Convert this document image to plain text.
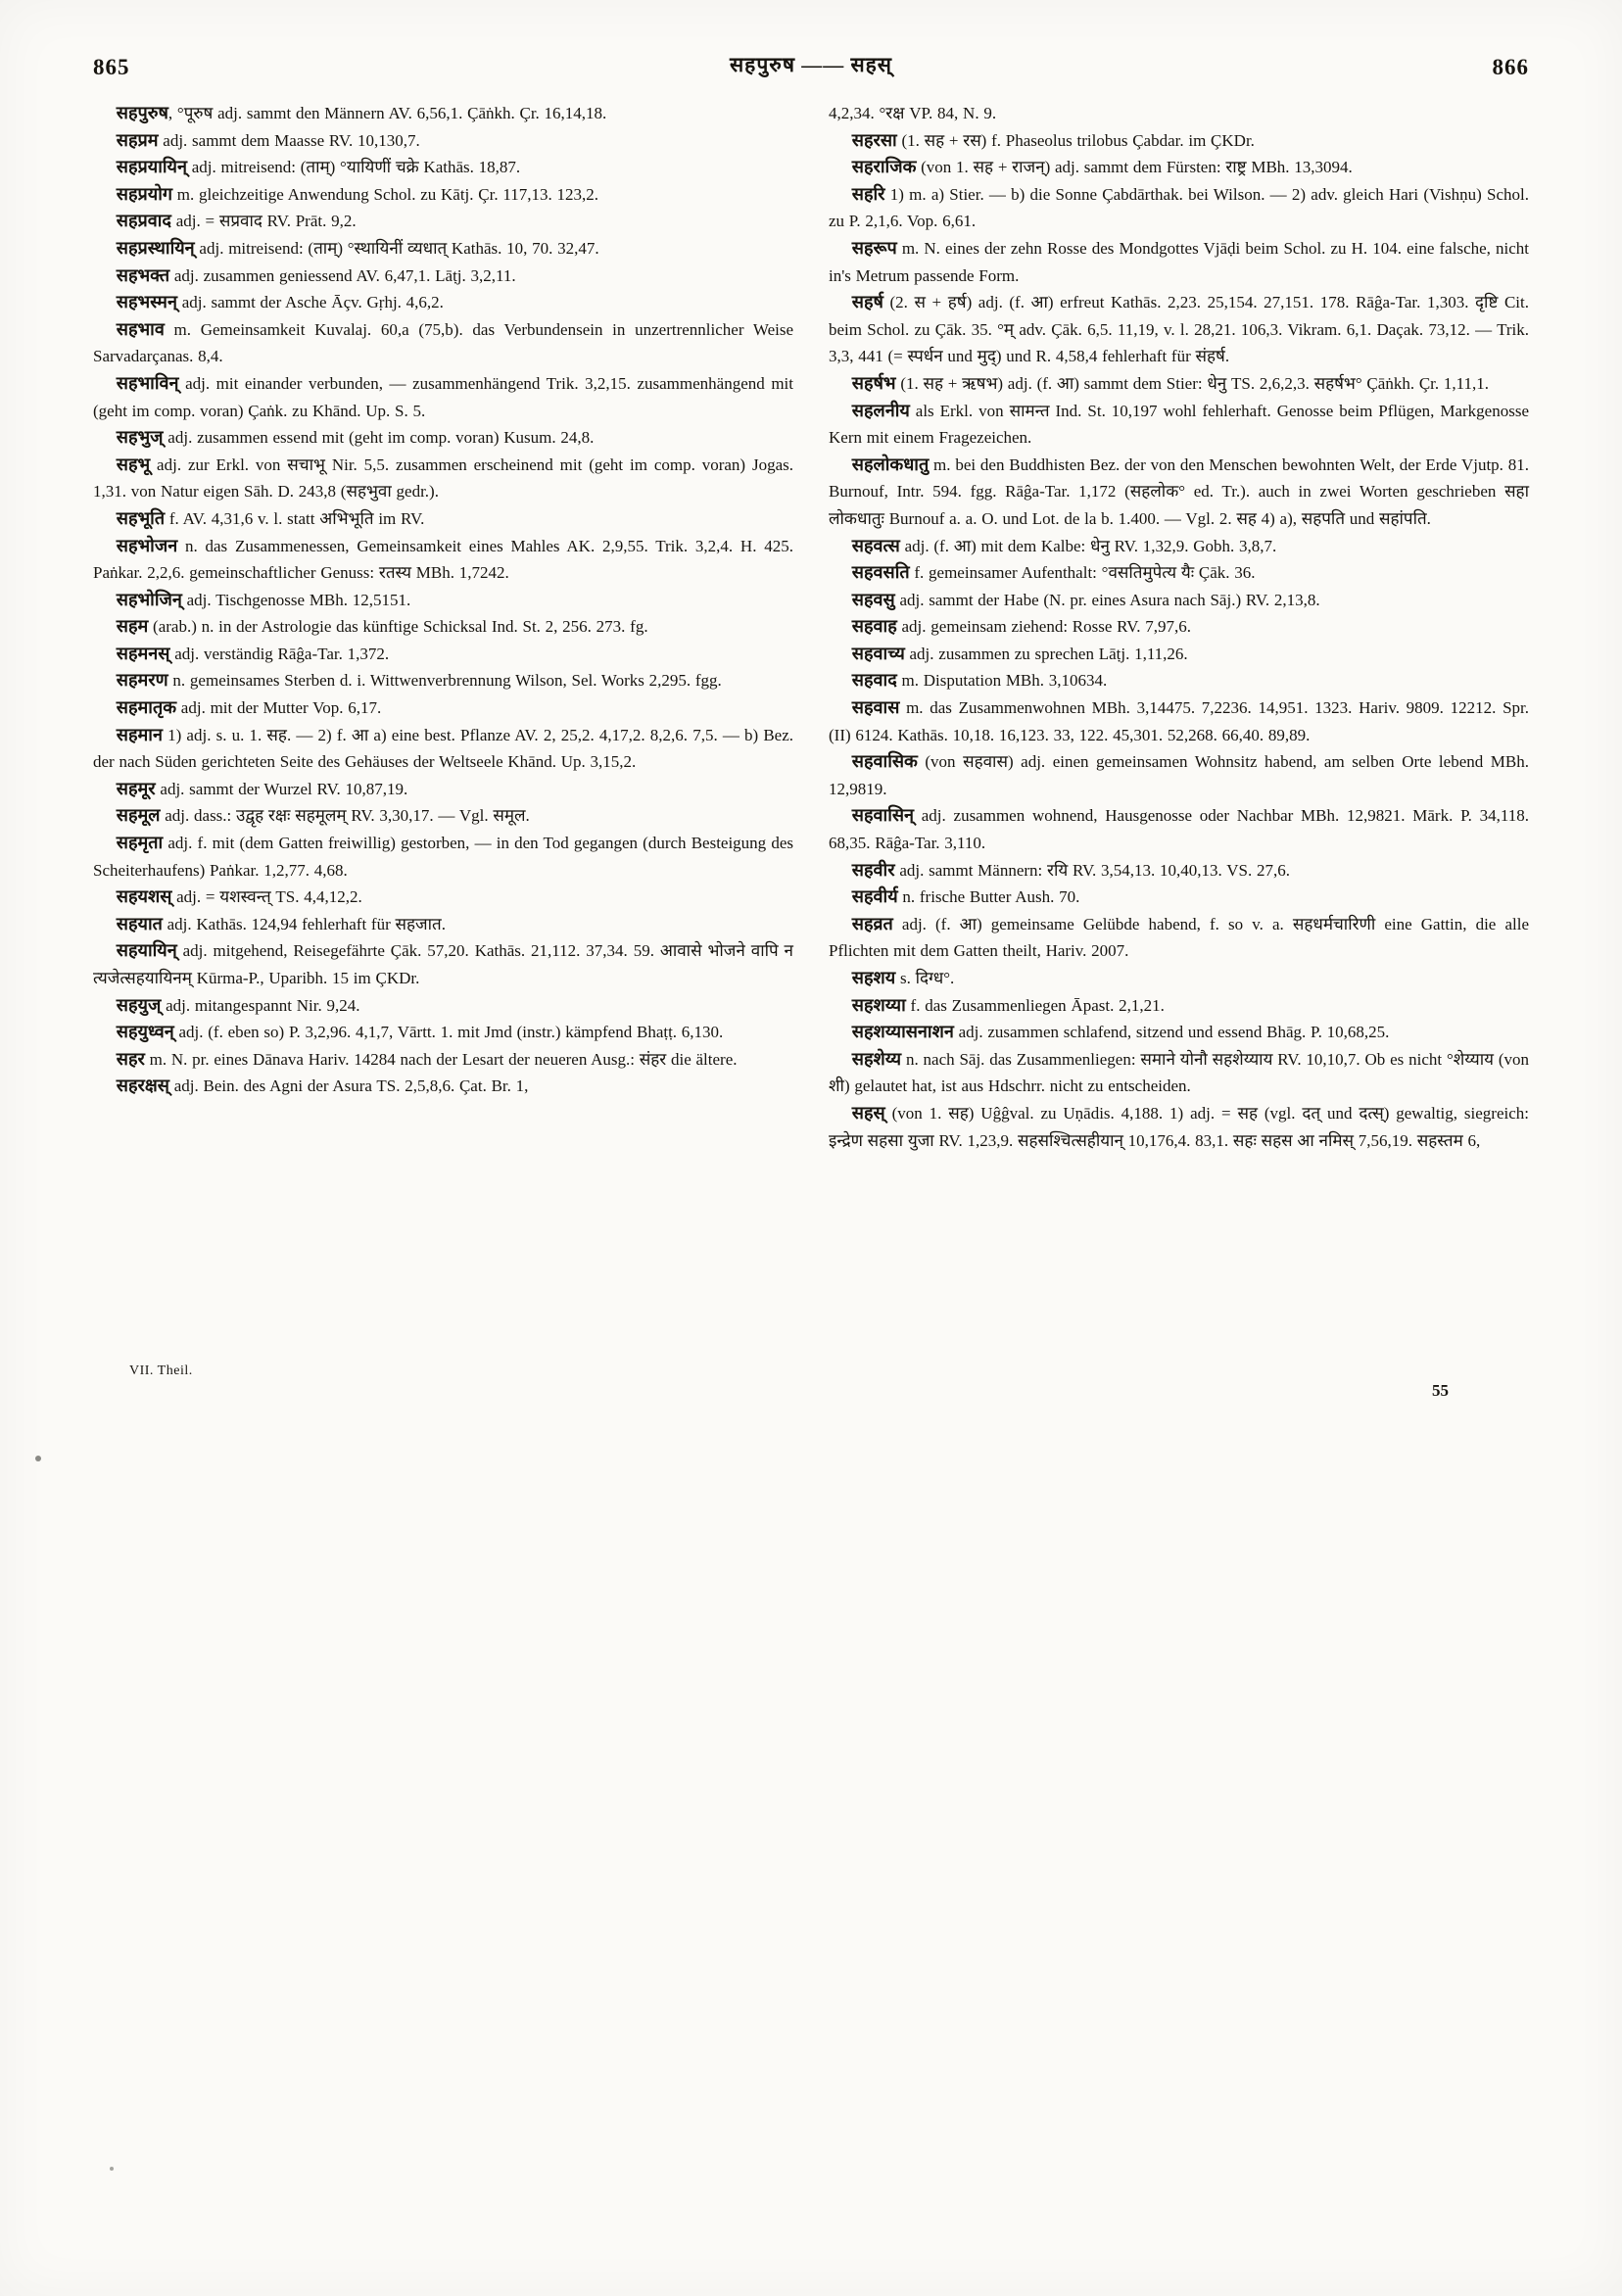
सहपुरुष —— सहस्
865	866

सहपुरुष, °पूरुष adj. sammt den Männern AV. 6,56,1. Çāṅkh. Çr. 16,14,18.

सहप्रम adj. sammt dem Maasse RV. 10,130,7.

सहप्रयायिन् adj. mitreisend: (ताम्) °यायिणीं चक्रे Kathās. 18,87.

सहप्रयोग m. gleichzeitige Anwendung Schol. zu Kātj. Çr. 117,13. 123,2.

सहप्रवाद adj. = सप्रवाद RV. Prāt. 9,2.

सहप्रस्थायिन् adj. mitreisend: (ताम्) °स्थायिनीं व्यधात् Kathās. 10, 70. 32,47.

सहभक्त adj. zusammen geniessend AV. 6,47,1. Lāṭj. 3,2,11.

सहभस्मन् adj. sammt der Asche Āçv. Gṛhj. 4,6,2.

सहभाव m. Gemeinsamkeit Kuvalaj. 60,a (75,b). das Verbundensein in unzertrennlicher Weise Sarvadarçanas. 8,4.

सहभाविन् adj. mit einander verbunden, — zusammenhängend Trik. 3,2,15. zusammenhängend mit (geht im comp. voran) Çaṅk. zu Khānd. Up. S. 5.

सहभुज् adj. zusammen essend mit (geht im comp. voran) Kusum. 24,8.

सहभू adj. zur Erkl. von सचाभू Nir. 5,5. zusammen erscheinend mit (geht im comp. voran) Jogas. 1,31. von Natur eigen Sāh. D. 243,8 (सहभुवा gedr.).

सहभूति f. AV. 4,31,6 v. l. statt अभिभूति im RV.

सहभोजन n. das Zusammenessen, Gemeinsamkeit eines Mahles AK. 2,9,55. Trik. 3,2,4. H. 425. Paṅkar. 2,2,6. gemeinschaftlicher Genuss: रतस्य MBh. 1,7242.

सहभोजिन् adj. Tischgenosse MBh. 12,5151.

सहम (arab.) n. in der Astrologie das künftige Schicksal Ind. St. 2, 256. 273. fg.

सहमनस् adj. verständig Rāĝa-Tar. 1,372.

सहमरण n. gemeinsames Sterben d. i. Wittwenverbrennung Wilson, Sel. Works 2,295. fgg.

सहमातृक adj. mit der Mutter Vop. 6,17.

सहमान 1) adj. s. u. 1. सह. — 2) f. आ a) eine best. Pflanze AV. 2, 25,2. 4,17,2. 8,2,6. 7,5. — b) Bez. der nach Süden gerichteten Seite des Gehäuses der Weltseele Khānd. Up. 3,15,2.

सहमूर adj. sammt der Wurzel RV. 10,87,19.

सहमूल adj. dass.: उद्वृह रक्षः सहमूलम् RV. 3,30,17. — Vgl. समूल.

सहमृता adj. f. mit (dem Gatten freiwillig) gestorben, — in den Tod gegangen (durch Besteigung des Scheiterhaufens) Paṅkar. 1,2,77. 4,68.

सहयशस् adj. = यशस्वन्त् TS. 4,4,12,2.

सहयात adj. Kathās. 124,94 fehlerhaft für सहजात.

सहयायिन् adj. mitgehend, Reisegefährte Çāk. 57,20. Kathās. 21,112. 37,34. 59. आवासे भोजने वापि न त्यजेत्सहयायिनम् Kūrma-P., Uparibh. 15 im ÇKDr.

सहयुज् adj. mitangespannt Nir. 9,24.

सहयुध्वन् adj. (f. eben so) P. 3,2,96. 4,1,7, Vārtt. 1. mit Jmd (instr.) kämpfend Bhaṭṭ. 6,130.

सहर m. N. pr. eines Dānava Hariv. 14284 nach der Lesart der neueren Ausg.: संहर die ältere.

सहरक्षस् adj. Bein. des Agni der Asura TS. 2,5,8,6. Çat. Br. 1,

4,2,34. °रक्ष VP. 84, N. 9.

सहरसा (1. सह + रस) f. Phaseolus trilobus Çabdar. im ÇKDr.

सहराजिक (von 1. सह + राजन्) adj. sammt dem Fürsten: राष्ट्र MBh. 13,3094.

सहरि 1) m. a) Stier. — b) die Sonne Çabdārthak. bei Wilson. — 2) adv. gleich Hari (Vishṇu) Schol. zu P. 2,1,6. Vop. 6,61.

सहरूप m. N. eines der zehn Rosse des Mondgottes Vjāḍi beim Schol. zu H. 104. eine falsche, nicht in's Metrum passende Form.

सहर्ष (2. स + हर्ष) adj. (f. आ) erfreut Kathās. 2,23. 25,154. 27,151. 178. Rāĝa-Tar. 1,303. दृष्टि Cit. beim Schol. zu Çāk. 35. °म् adv. Çāk. 6,5. 11,19, v. l. 28,21. 106,3. Vikram. 6,1. Daçak. 73,12. — Trik. 3,3, 441 (= स्पर्धन und मुद्) und R. 4,58,4 fehlerhaft für संहर्ष.

सहर्षभ (1. सह + ऋषभ) adj. (f. आ) sammt dem Stier: धेनु TS. 2,6,2,3. सहर्षभ° Çāṅkh. Çr. 1,11,1.

सहलनीय als Erkl. von सामन्त Ind. St. 10,197 wohl fehlerhaft. Genosse beim Pflügen, Markgenosse Kern mit einem Fragezeichen.

सहलोकधातु m. bei den Buddhisten Bez. der von den Menschen bewohnten Welt, der Erde Vjutp. 81. Burnouf, Intr. 594. fgg. Rāĝa-Tar. 1,172 (सहलोक° ed. Tr.). auch in zwei Worten geschrieben सहा लोकधातुः Burnouf a. a. O. und Lot. de la b. 1.400. — Vgl. 2. सह 4) a), सहपति und सहांपति.

सहवत्स adj. (f. आ) mit dem Kalbe: धेनु RV. 1,32,9. Gobh. 3,8,7.

सहवसति f. gemeinsamer Aufenthalt: °वसतिमुपेत्य यैः Çāk. 36.

सहवसु adj. sammt der Habe (N. pr. eines Asura nach Sāj.) RV. 2,13,8.

सहवाह adj. gemeinsam ziehend: Rosse RV. 7,97,6.

सहवाच्य adj. zusammen zu sprechen Lāṭj. 1,11,26.

सहवाद m. Disputation MBh. 3,10634.

सहवास m. das Zusammenwohnen MBh. 3,14475. 7,2236. 14,951. 1323. Hariv. 9809. 12212. Spr. (II) 6124. Kathās. 10,18. 16,123. 33, 122. 45,301. 52,268. 66,40. 89,89.

सहवासिक (von सहवास) adj. einen gemeinsamen Wohnsitz habend, am selben Orte lebend MBh. 12,9819.

सहवासिन् adj. zusammen wohnend, Hausgenosse oder Nachbar MBh. 12,9821. Mārk. P. 34,118. 68,35. Rāĝa-Tar. 3,110.

सहवीर adj. sammt Männern: रयि RV. 3,54,13. 10,40,13. VS. 27,6.

सहवीर्य n. frische Butter Aush. 70.

सहव्रत adj. (f. आ) gemeinsame Gelübde habend, f. so v. a. सहधर्मचारिणी eine Gattin, die alle Pflichten mit dem Gatten theilt, Hariv. 2007.

सहशय s. दिग्ध°.

सहशय्या f. das Zusammenliegen Āpast. 2,1,21.

सहशय्यासनाशन adj. zusammen schlafend, sitzend und essend Bhāg. P. 10,68,25.

सहशेय्य n. nach Sāj. das Zusammenliegen: समाने योनौ सहशेय्याय RV. 10,10,7. Ob es nicht °शेय्याय (von शी) gelautet hat, ist aus Hdschrr. nicht zu entscheiden.

सहस् (von 1. सह) Uĝĝval. zu Uṇādis. 4,188. 1) adj. = सह (vgl. दत् und दत्स्) gewaltig, siegreich: इन्द्रेण सहसा युजा RV. 1,23,9. सहसश्चित्सहीयान् 10,176,4. 83,1. सहः सहस आ नमिस् 7,56,19. सहस्तम 6,

VII. Theil.
55
